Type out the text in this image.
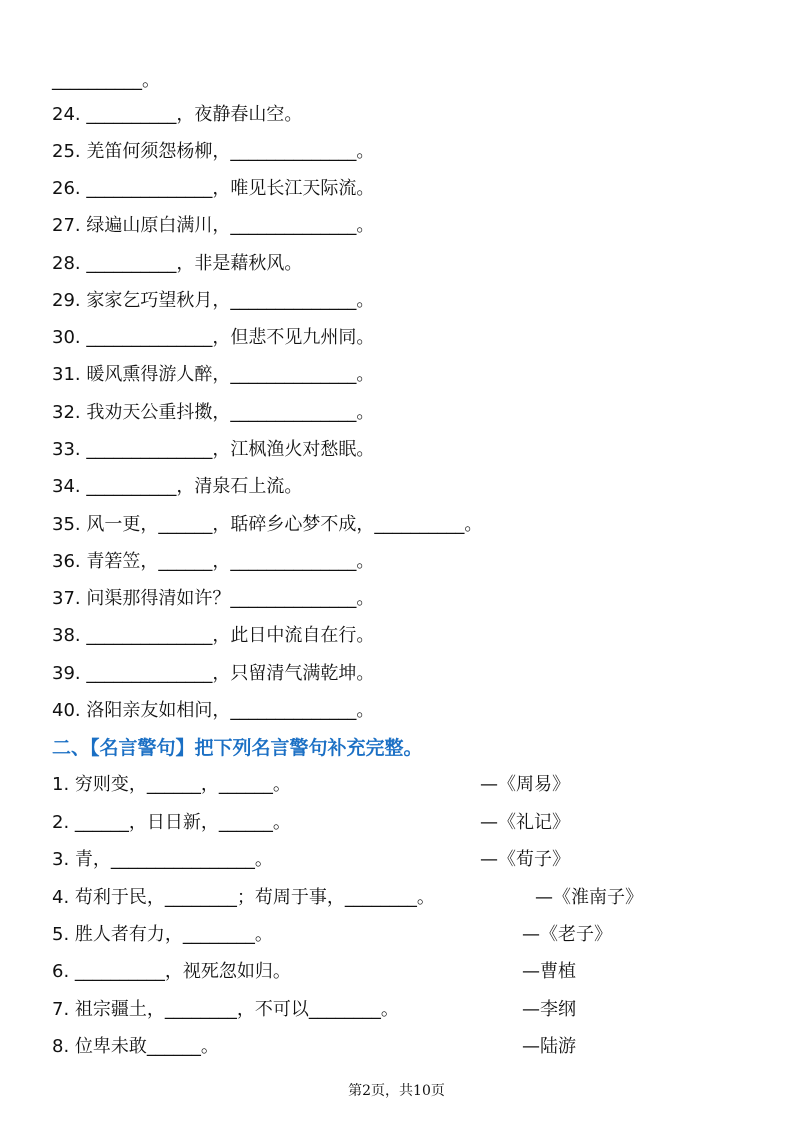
__________。
24. __________，夜静春山空。
25. 羌笛何须怨杨柳，______________。
26. ______________，唯见长江天际流。
27. 绿遍山原白满川，______________。
28. __________，非是藉秋风。
29. 家家乞巧望秋月，______________。
30. ______________，但悲不见九州同。
31. 暖风熏得游人醉，______________。
32. 我劝天公重抖擞，______________。
33. ______________，江枫渔火对愁眠。
34. __________，清泉石上流。
35. 风一更，______，聒碎乡心梦不成，__________。
36. 青箬笠，______，______________。
37. 问渠那得清如许？______________。
38. ______________，此日中流自在行。
39. ______________，只留清气满乾坤。
40. 洛阳亲友如相问，______________。
二、【名言警句】把下列名言警句补充完整。
1. 穷则变，______，______。	—《周易》
2. ______，日日新，______。	—《礼记》
3. 青，________________。	—《荀子》
4. 苟利于民，________；苟周于事，________。	—《淮南子》
5. 胜人者有力，________。	—《老子》
6. __________，视死忽如归。	—曹植
7. 祖宗疆土，________，不可以________。	—李纲
8. 位卑未敢______。	—陆游
第2页，共10页
